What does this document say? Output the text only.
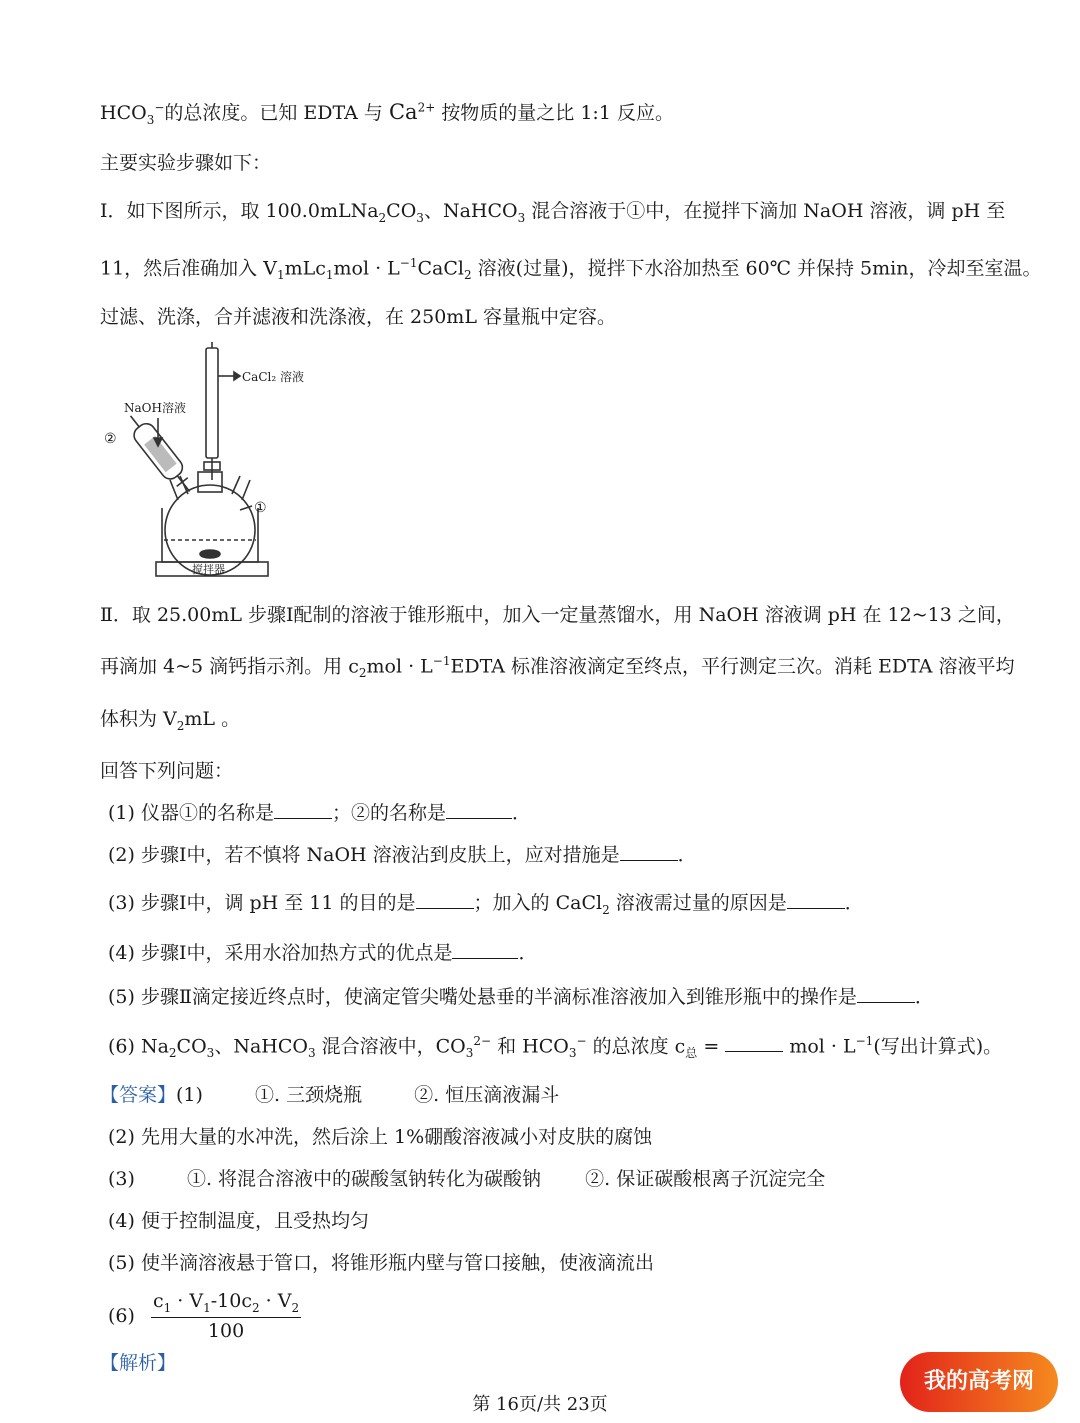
$HCO_3^-$的总浓度。已知 EDTA 与 $Ca^{2+}$ 按物质的量之比 1:1 反应。
主要实验步骤如下：
Ⅰ．如下图所示，取 $100.0mLNa_2CO_3$、NaHCO$_3$ 混合溶液于①中，在搅拌下滴加 NaOH 溶液，调 pH 至
11，然后准确加入 $V_1mLc_1mol$ · $L^{-1}CaCl_2$ 溶液(过量)，搅拌下水浴加热至 60℃ 并保持 5min，冷却至室温。
过滤、洗涤，合并滤液和洗涤液，在 250mL 容量瓶中定容。
CaCl₂ 溶液
NaOH溶液
②
①
搅拌器
Ⅱ．取 25.00mL 步骤Ⅰ配制的溶液于锥形瓶中，加入一定量蒸馏水，用 NaOH 溶液调 pH 在 12~13 之间，
再滴加 4~5 滴钙指示剂。用 $c_2mol$ · $L^{-1}EDTA$ 标准溶液滴定至终点，平行测定三次。消耗 EDTA 溶液平均
体积为 $V_2mL$ 。
回答下列问题：
(1) 仪器①的名称是	；②的名称是	．
(2) 步骤Ⅰ中，若不慎将 NaOH 溶液沾到皮肤上，应对措施是	．
(3) 步骤Ⅰ中，调 pH 至 11 的目的是	；加入的 CaCl$_2$ 溶液需过量的原因是	．
(4) 步骤Ⅰ中，采用水浴加热方式的优点是	．
(5) 步骤Ⅱ滴定接近终点时，使滴定管尖嘴处悬垂的半滴标准溶液加入到锥形瓶中的操作是	．
(6) $Na_2CO_3$、NaHCO$_3$ 混合溶液中，$CO_3^{2-}$ 和 $HCO_3^-$ 的总浓度 $c_总$ =	mol · $L^{-1}$(写出计算式)。
【答案】(1)	①. 三颈烧瓶	②. 恒压滴液漏斗
(2) 先用大量的水冲洗，然后涂上 1%硼酸溶液减小对皮肤的腐蚀
(3)	①. 将混合溶液中的碳酸氢钠转化为碳酸钠 ②. 保证碳酸根离子沉淀完全
(4) 便于控制温度，且受热均匀
(5) 使半滴溶液悬于管口，将锥形瓶内壁与管口接触，使液滴流出
$(6) \frac{c_1 \cdot V_1-10c_2 \cdot V_2}{100}$
【解析】
第 16页/共 23页
我的高考网
